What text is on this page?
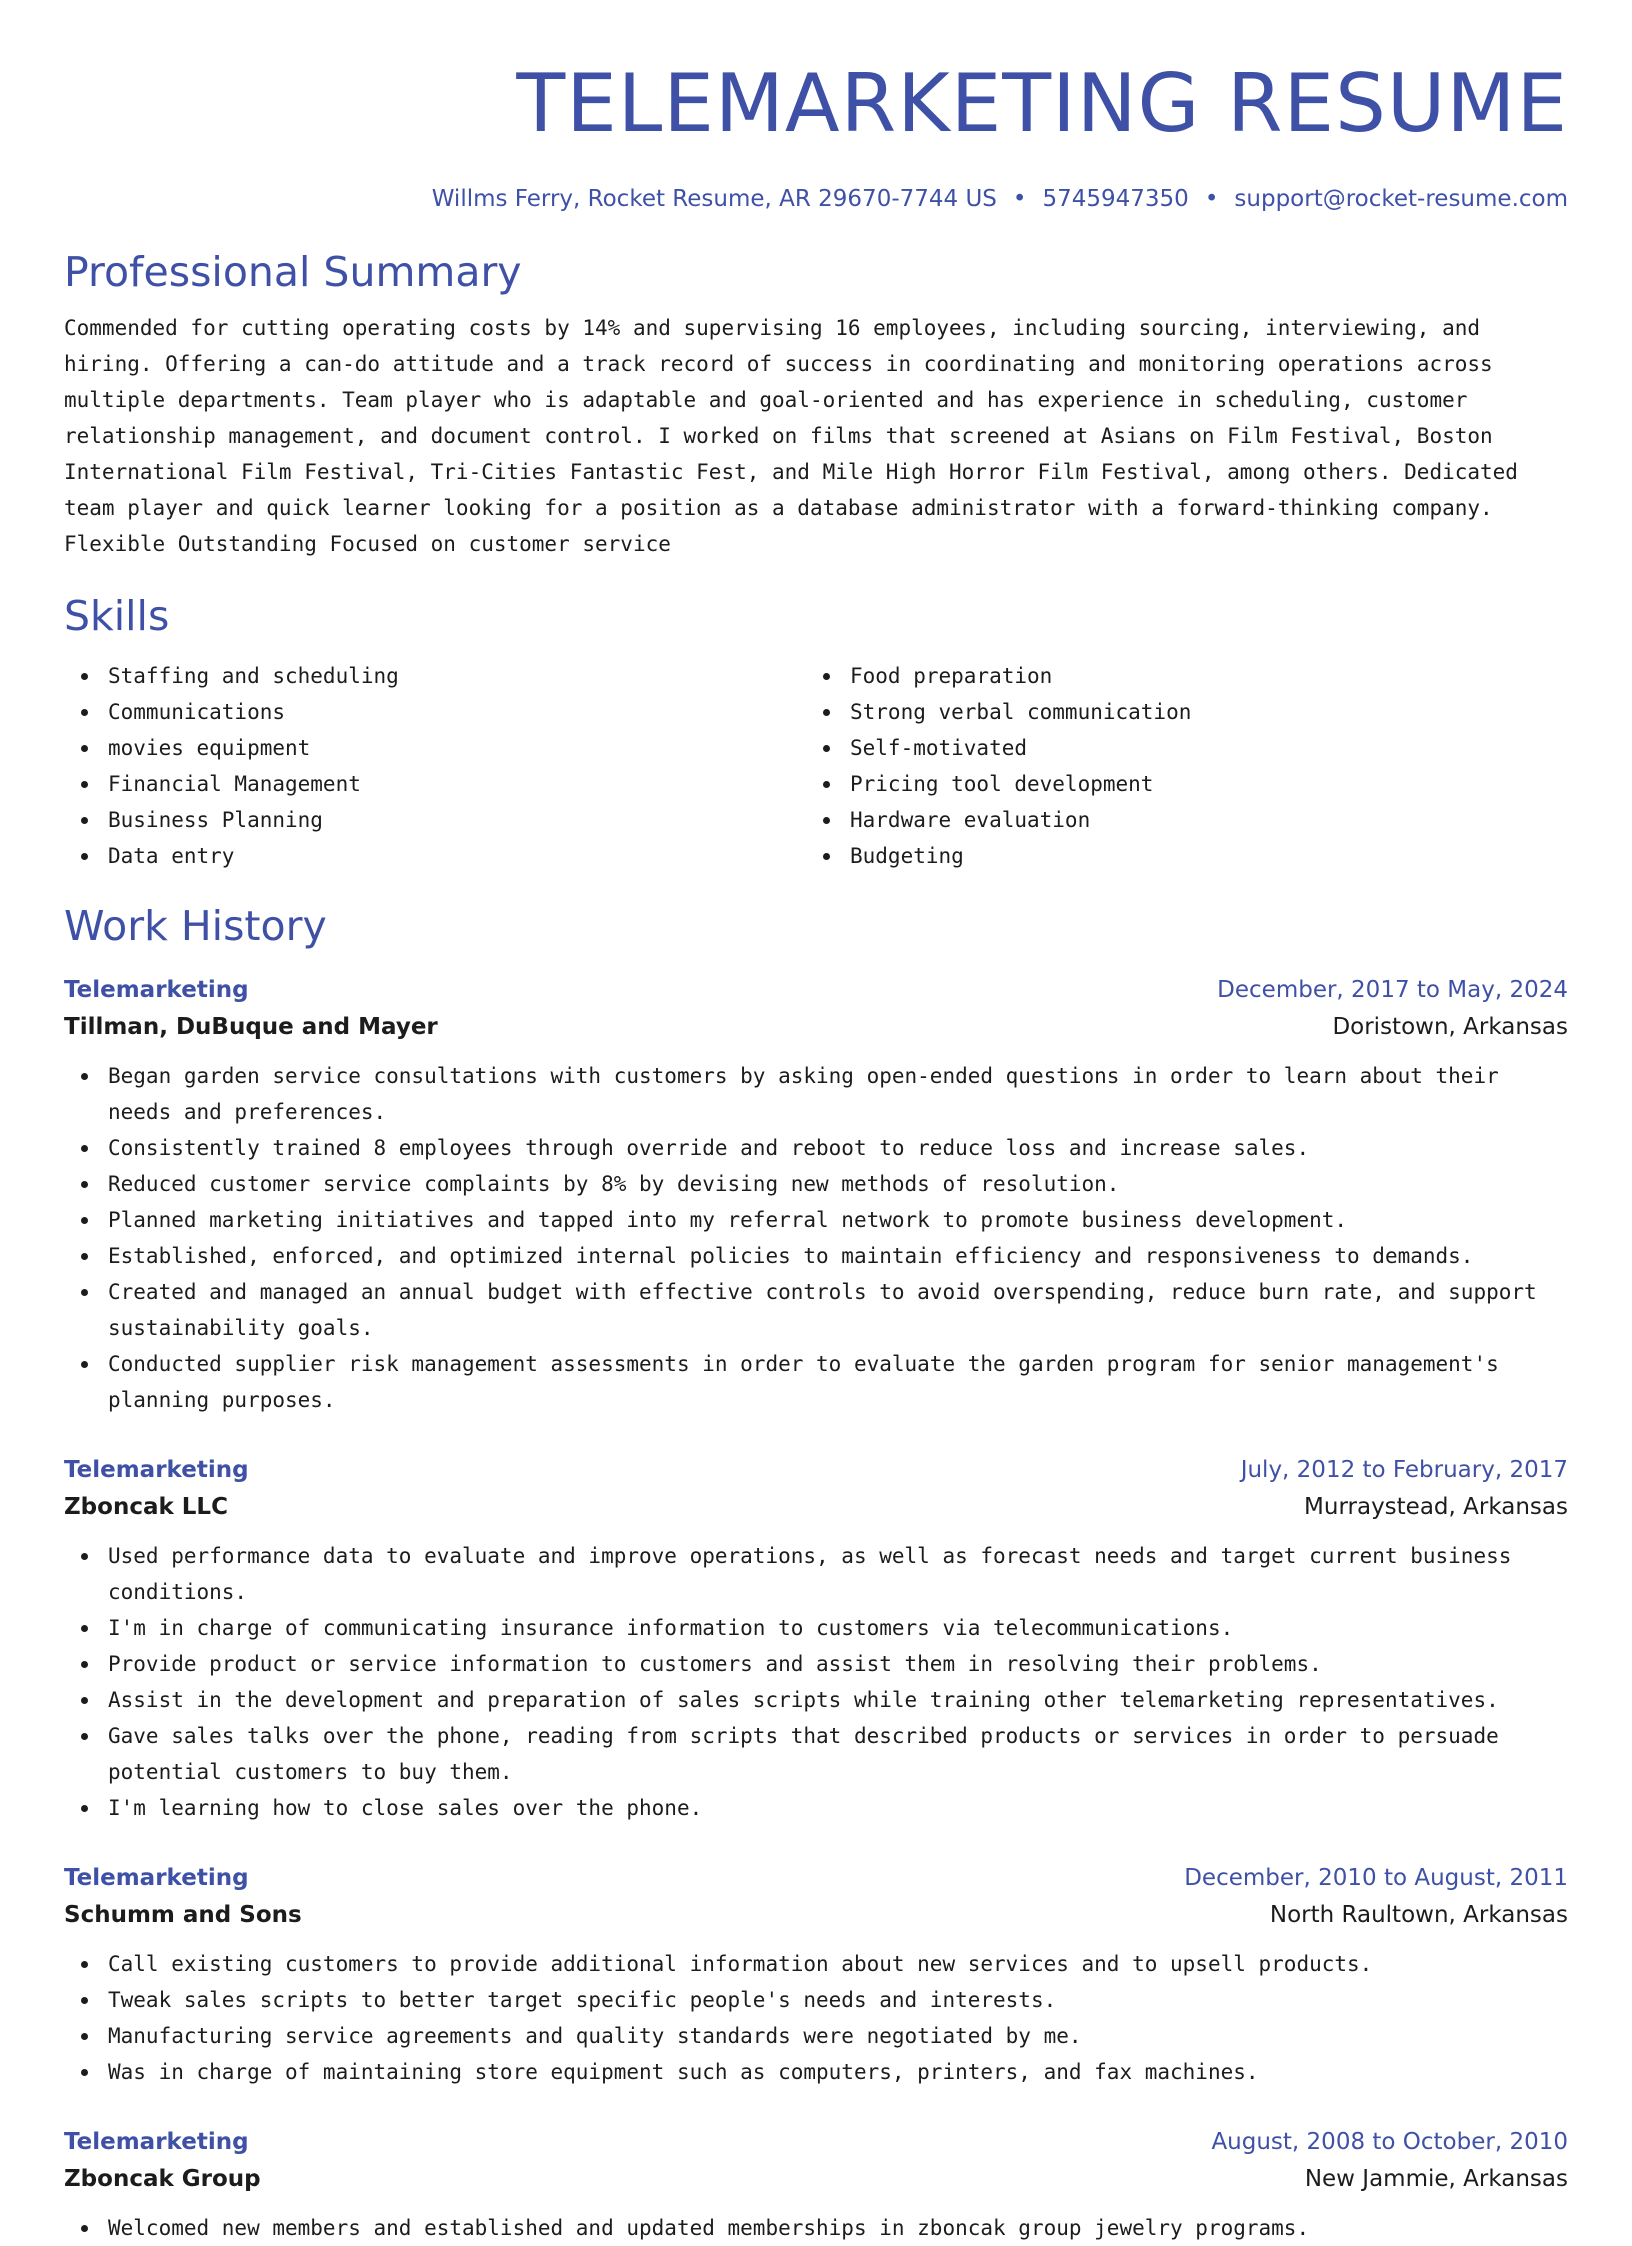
TELEMARKETING RESUME
Willms Ferry, Rocket Resume, AR 29670-7744 US • 5745947350 • support@rocket-resume.com
Professional Summary
Commended for cutting operating costs by 14% and supervising 16 employees, including sourcing, interviewing, and hiring. Offering a can-do attitude and a track record of success in coordinating and monitoring operations across multiple departments. Team player who is adaptable and goal-oriented and has experience in scheduling, customer relationship management, and document control. I worked on films that screened at Asians on Film Festival, Boston International Film Festival, Tri-Cities Fantastic Fest, and Mile High Horror Film Festival, among others. Dedicated team player and quick learner looking for a position as a database administrator with a forward-thinking company. Flexible Outstanding Focused on customer service
Skills
Staffing and scheduling
Communications
movies equipment
Financial Management
Business Planning
Data entry
Food preparation
Strong verbal communication
Self-motivated
Pricing tool development
Hardware evaluation
Budgeting
Work History
Telemarketing	December, 2017 to May, 2024
Tillman, DuBuque and Mayer	Doristown, Arkansas
Began garden service consultations with customers by asking open-ended questions in order to learn about their needs and preferences.
Consistently trained 8 employees through override and reboot to reduce loss and increase sales.
Reduced customer service complaints by 8% by devising new methods of resolution.
Planned marketing initiatives and tapped into my referral network to promote business development.
Established, enforced, and optimized internal policies to maintain efficiency and responsiveness to demands.
Created and managed an annual budget with effective controls to avoid overspending, reduce burn rate, and support sustainability goals.
Conducted supplier risk management assessments in order to evaluate the garden program for senior management's planning purposes.
Telemarketing	July, 2012 to February, 2017
Zboncak LLC	Murraystead, Arkansas
Used performance data to evaluate and improve operations, as well as forecast needs and target current business conditions.
I'm in charge of communicating insurance information to customers via telecommunications.
Provide product or service information to customers and assist them in resolving their problems.
Assist in the development and preparation of sales scripts while training other telemarketing representatives.
Gave sales talks over the phone, reading from scripts that described products or services in order to persuade potential customers to buy them.
I'm learning how to close sales over the phone.
Telemarketing	December, 2010 to August, 2011
Schumm and Sons	North Raultown, Arkansas
Call existing customers to provide additional information about new services and to upsell products.
Tweak sales scripts to better target specific people's needs and interests.
Manufacturing service agreements and quality standards were negotiated by me.
Was in charge of maintaining store equipment such as computers, printers, and fax machines.
Telemarketing	August, 2008 to October, 2010
Zboncak Group	New Jammie, Arkansas
Welcomed new members and established and updated memberships in zboncak group jewelry programs.
